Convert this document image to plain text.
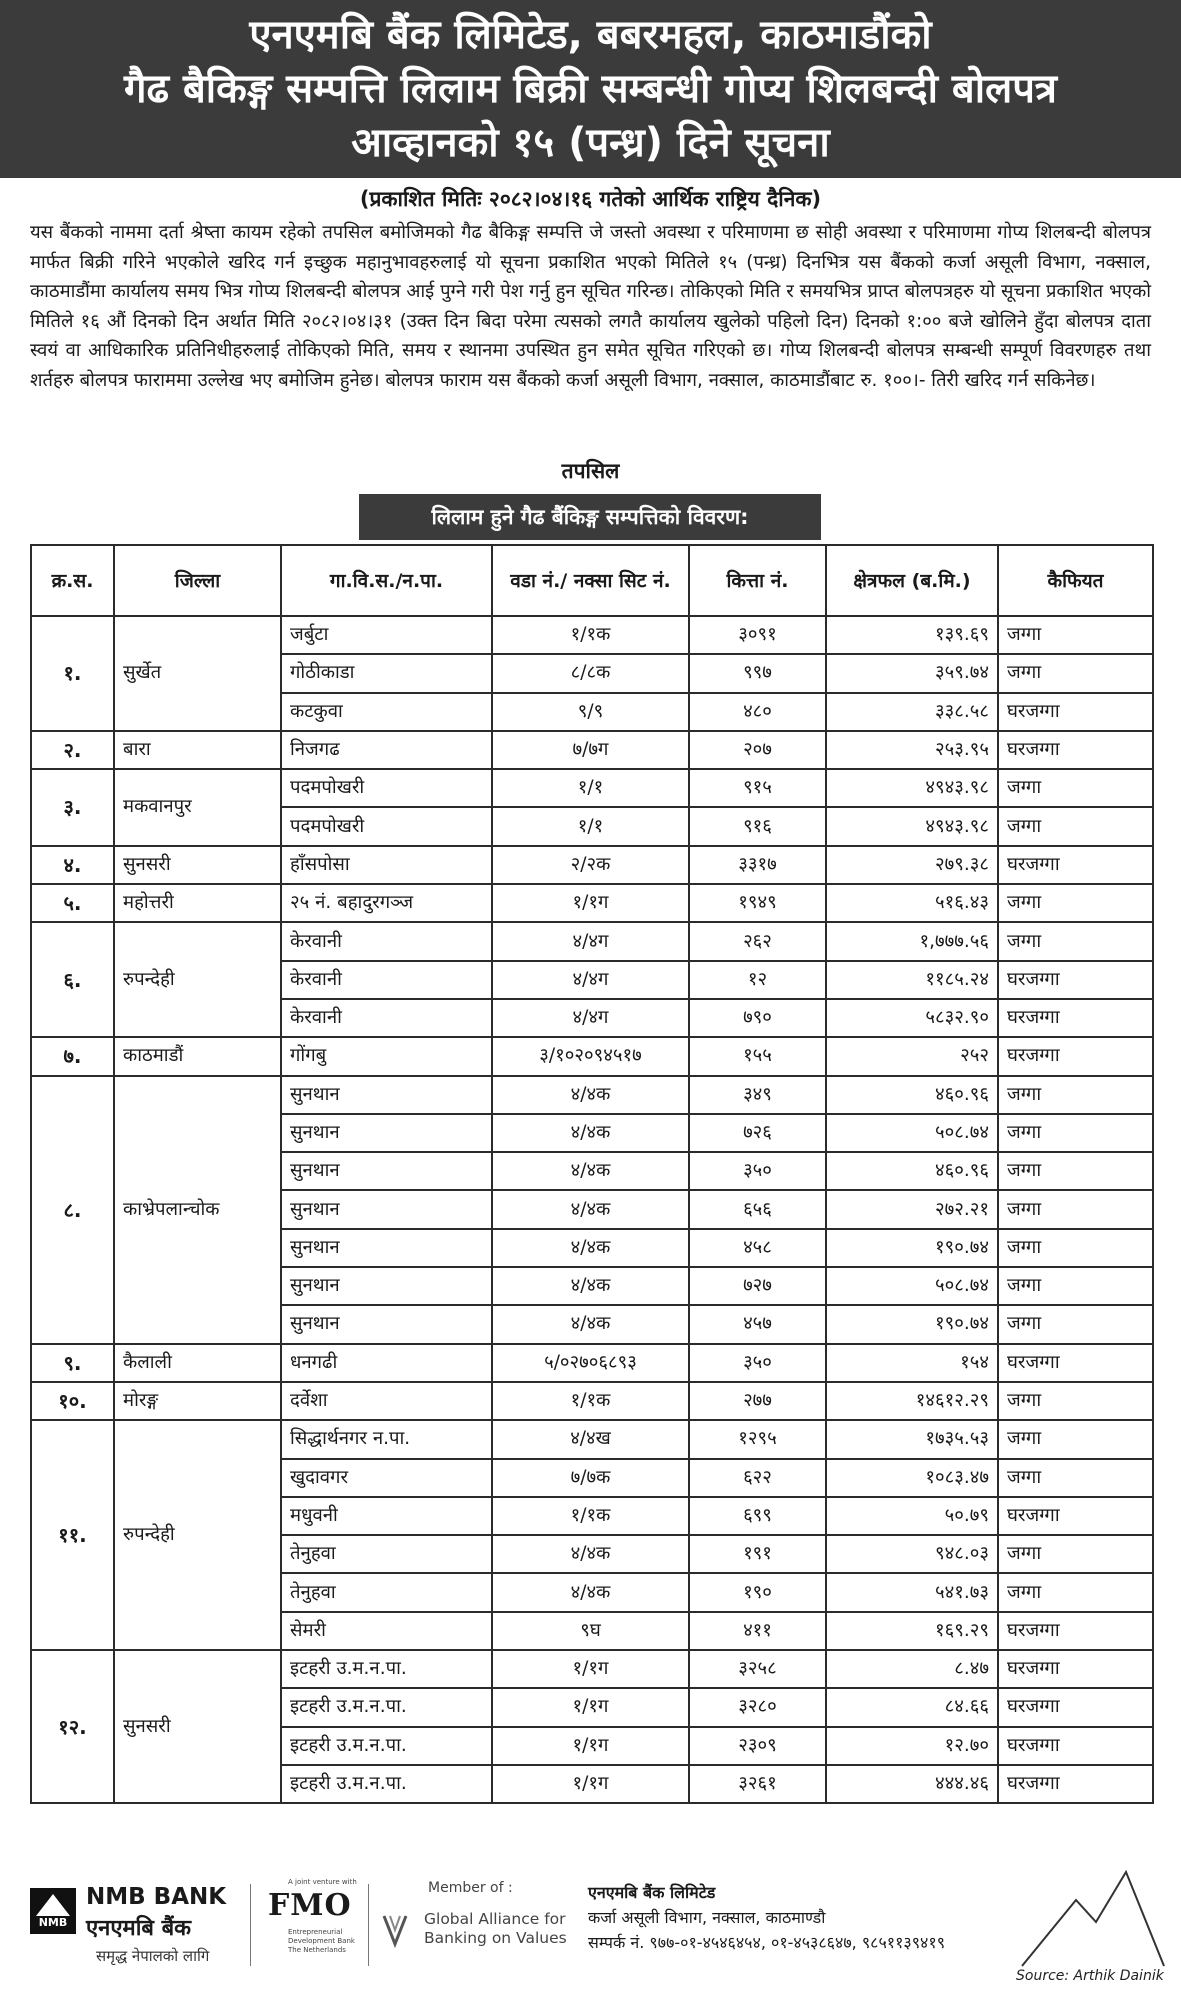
एनएमबि बैंक लिमिटेड, बबरमहल, काठमाडौंको
गैढ बैकिङ्ग सम्पत्ति लिलाम बिक्री सम्बन्धी गोप्य शिलबन्दी बोलपत्र
आव्हानको १५ (पन्ध्र) दिने सूचना
(प्रकाशित मितिः २०८२।०४।१६ गतेको आर्थिक राष्ट्रिय दैनिक)

यस बैंकको नाममा दर्ता श्रेष्ता कायम रहेको तपसिल बमोजिमको गैढ बैकिङ्ग सम्पत्ति जे जस्तो अवस्था र परिमाणमा छ सोही अवस्था र परिमाणमा गोप्य शिलबन्दी बोलपत्र मार्फत बिक्री गरिने भएकोले खरिद गर्न इच्छुक महानुभावहरुलाई यो सूचना प्रकाशित भएको मितिले १५ (पन्ध्र) दिनभित्र यस बैंकको कर्जा असूली विभाग, नक्साल, काठमाडौंमा कार्यालय समय भित्र गोप्य शिलबन्दी बोलपत्र आई पुग्ने गरी पेश गर्नु हुन सूचित गरिन्छ। तोकिएको मिति र समयभित्र प्राप्त बोलपत्रहरु यो सूचना प्रकाशित भएको मितिले १६ औं दिनको दिन अर्थात मिति २०८२।०४।३१ (उक्त दिन बिदा परेमा त्यसको लगतै कार्यालय खुलेको पहिलो दिन) दिनको १:०० बजे खोलिने हुँदा बोलपत्र दाता स्वयं वा आधिकारिक प्रतिनिधीहरुलाई तोकिएको मिति, समय र स्थानमा उपस्थित हुन समेत सूचित गरिएको छ। गोप्य शिलबन्दी बोलपत्र सम्बन्धी सम्पूर्ण विवरणहरु तथा शर्तहरु बोलपत्र फाराममा उल्लेख भए बमोजिम हुनेछ। बोलपत्र फाराम यस बैंकको कर्जा असूली विभाग, नक्साल, काठमाडौंबाट रु. १००।- तिरी खरिद गर्न सकिनेछ।

तपसिल
लिलाम हुने गैढ बैंकिङ्ग सम्पत्तिको विवरण:
क्र.स.	जिल्ला	गा.वि.स./न.पा.	वडा नं./ नक्सा सिट नं.	कित्ता नं.	क्षेत्रफल (ब.मि.)	कैफियत
१.	सुर्खेत	जर्बुटा	१/१क	३०९१	१३९.६९	जग्गा
		गोठीकाडा	८/८क	९९७	३५९.७४	जग्गा
		कटकुवा	९/९	४८०	३३८.५८	घरजग्गा
२.	बारा	निजगढ	७/७ग	२०७	२५३.९५	घरजग्गा
३.	मकवानपुर	पदमपोखरी	१/१	९१५	४९४३.९८	जग्गा
		पदमपोखरी	१/१	९१६	४९४३.९८	जग्गा
४.	सुनसरी	हाँसपोसा	२/२क	३३१७	२७९.३८	घरजग्गा
५.	महोत्तरी	२५ नं. बहादुरगञ्ज	१/१ग	१९४९	५१६.४३	जग्गा
६.	रुपन्देही	केरवानी	४/४ग	२६२	१,७७७.५६	जग्गा
		केरवानी	४/४ग	१२	११८५.२४	घरजग्गा
		केरवानी	४/४ग	७९०	५८३२.९०	घरजग्गा
७.	काठमाडौं	गोंगबु	३/१०२०९४५१७	१५५	२५२	घरजग्गा
८.	काभ्रेपलान्चोक	सुनथान	४/४क	३४९	४६०.९६	जग्गा
		सुनथान	४/४क	७२६	५०८.७४	जग्गा
		सुनथान	४/४क	३५०	४६०.९६	जग्गा
		सुनथान	४/४क	६५६	२७२.२१	जग्गा
		सुनथान	४/४क	४५८	१९०.७४	जग्गा
		सुनथान	४/४क	७२७	५०८.७४	जग्गा
		सुनथान	४/४क	४५७	१९०.७४	जग्गा
९.	कैलाली	धनगढी	५/०२७०६८९३	३५०	१५४	घरजग्गा
१०.	मोरङ्ग	दर्वेशा	१/१क	२७७	१४६१२.२९	जग्गा
११.	रुपन्देही	सिद्धार्थनगर न.पा.	४/४ख	१२९५	१७३५.५३	जग्गा
		खुदावगर	७/७क	६२२	१०८३.४७	जग्गा
		मधुवनी	१/१क	६९९	५०.७९	घरजग्गा
		तेनुहवा	४/४क	१९१	९४८.०३	जग्गा
		तेनुहवा	४/४क	१९०	५४१.७३	जग्गा
		सेमरी	९घ	४११	१६९.२९	घरजग्गा
१२.	सुनसरी	इटहरी उ.म.न.पा.	१/१ग	३२५८	८.४७	घरजग्गा
		इटहरी उ.म.न.पा.	१/१ग	३२८०	८४.६६	घरजग्गा
		इटहरी उ.म.न.पा.	१/१ग	२३०९	१२.७०	घरजग्गा
		इटहरी उ.म.न.पा.	१/१ग	३२६१	४४४.४६	घरजग्गा
NMB
NMB BANK
एनएमबि बैंक
समृद्ध नेपालको लागि
A joint venture with
FMO
Entrepreneurial Development Bank
The Netherlands
Member of :
Global Alliance for
Banking on Values
एनएमबि बैंक लिमिटेड
कर्जा असूली विभाग, नक्साल, काठमाण्डौ
सम्पर्क नं. ९७७-०१-४५४६४५४, ०१-४५३८६४७, ९८५११३९४१९
Source: Arthik Dainik
